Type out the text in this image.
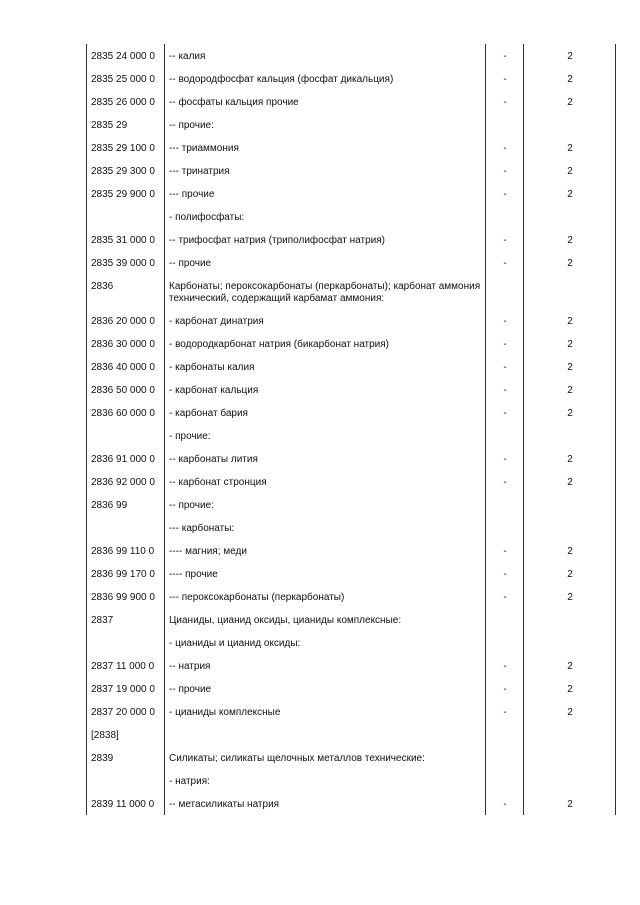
2835 24 000 0	-- калия	-	2
2835 25 000 0	-- водородфосфат кальция (фосфат дикальция)	-	2
2835 26 000 0	-- фосфаты кальция прочие	-	2
2835 29	-- прочие:		
2835 29 100 0	--- триаммония	-	2
2835 29 300 0	--- тринатрия	-	2
2835 29 900 0	--- прочие	-	2
	- полифосфаты:		
2835 31 000 0	-- трифосфат натрия (триполифосфат натрия)	-	2
2835 39 000 0	-- прочие	-	2
2836	Карбонаты; пероксокарбонаты (перкарбонаты); карбонат аммония технический, содержащий карбамат аммония:		
2836 20 000 0	- карбонат динатрия	-	2
2836 30 000 0	- водородкарбонат натрия (бикарбонат натрия)	-	2
2836 40 000 0	- карбонаты калия	-	2
2836 50 000 0	- карбонат кальция	-	2
2836 60 000 0	- карбонат бария	-	2
	- прочие:		
2836 91 000 0	-- карбонаты лития	-	2
2836 92 000 0	-- карбонат стронция	-	2
2836 99	-- прочие:		
	--- карбонаты:		
2836 99 110 0	---- магния; меди	-	2
2836 99 170 0	---- прочие	-	2
2836 99 900 0	--- пероксокарбонаты (перкарбонаты)	-	2
2837	Цианиды, цианид оксиды, цианиды комплексные:		
	- цианиды и цианид оксиды:		
2837 11 000 0	-- натрия	-	2
2837 19 000 0	-- прочие	-	2
2837 20 000 0	- цианиды комплексные	-	2
[2838]			
2839	Силикаты; силикаты щелочных металлов технические:		
	- натрия:		
2839 11 000 0	-- метасиликаты натрия	-	2
